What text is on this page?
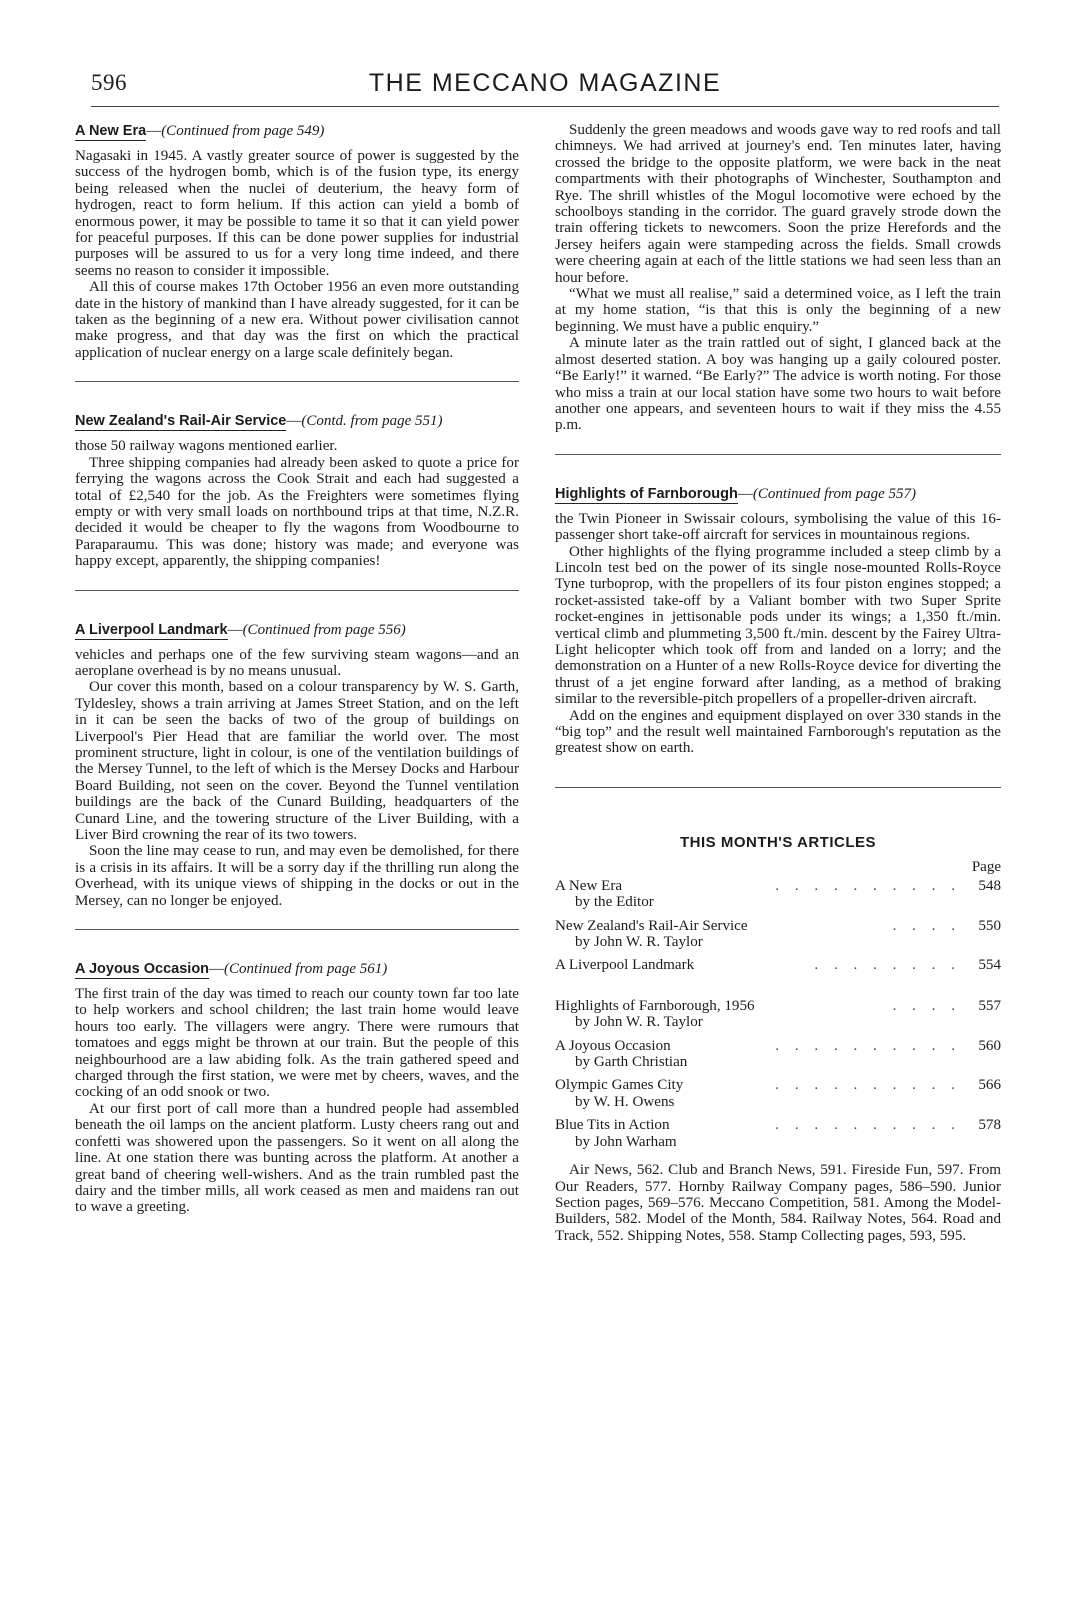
596	THE MECCANO MAGAZINE
A New Era—(Continued from page 549)

Nagasaki in 1945. A vastly greater source of power is suggested by the success of the hydrogen bomb, which is of the fusion type, its energy being released when the nuclei of deuterium, the heavy form of hydrogen, react to form helium. If this action can yield a bomb of enormous power, it may be possible to tame it so that it can yield power for peaceful purposes. If this can be done power supplies for industrial purposes will be assured to us for a very long time indeed, and there seems no reason to consider it impossible.

All this of course makes 17th October 1956 an even more outstanding date in the history of mankind than I have already suggested, for it can be taken as the beginning of a new era. Without power civilisation cannot make progress, and that day was the first on which the practical application of nuclear energy on a large scale definitely began.

New Zealand's Rail-Air Service—(Contd. from page 551)

those 50 railway wagons mentioned earlier.

Three shipping companies had already been asked to quote a price for ferrying the wagons across the Cook Strait and each had suggested a total of £2,540 for the job. As the Freighters were sometimes flying empty or with very small loads on northbound trips at that time, N.Z.R. decided it would be cheaper to fly the wagons from Woodbourne to Paraparaumu. This was done; history was made; and everyone was happy except, apparently, the shipping companies!

A Liverpool Landmark—(Continued from page 556)

vehicles and perhaps one of the few surviving steam wagons—and an aeroplane overhead is by no means unusual.

Our cover this month, based on a colour transparency by W. S. Garth, Tyldesley, shows a train arriving at James Street Station, and on the left in it can be seen the backs of two of the group of buildings on Liverpool's Pier Head that are familiar the world over. The most prominent structure, light in colour, is one of the ventilation buildings of the Mersey Tunnel, to the left of which is the Mersey Docks and Harbour Board Building, not seen on the cover. Beyond the Tunnel ventilation buildings are the back of the Cunard Building, headquarters of the Cunard Line, and the towering structure of the Liver Building, with a Liver Bird crowning the rear of its two towers.

Soon the line may cease to run, and may even be demolished, for there is a crisis in its affairs. It will be a sorry day if the thrilling run along the Overhead, with its unique views of shipping in the docks or out in the Mersey, can no longer be enjoyed.

A Joyous Occasion—(Continued from page 561)

The first train of the day was timed to reach our county town far too late to help workers and school children; the last train home would leave hours too early. The villagers were angry. There were rumours that tomatoes and eggs might be thrown at our train. But the people of this neighbourhood are a law abiding folk. As the train gathered speed and charged through the first station, we were met by cheers, waves, and the cocking of an odd snook or two.

At our first port of call more than a hundred people had assembled beneath the oil lamps on the ancient platform. Lusty cheers rang out and confetti was showered upon the passengers. So it went on all along the line. At one station there was bunting across the platform. At another a great band of cheering well-wishers. And as the train rumbled past the dairy and the timber mills, all work ceased as men and maidens ran out to wave a greeting.

Suddenly the green meadows and woods gave way to red roofs and tall chimneys. We had arrived at journey's end. Ten minutes later, having crossed the bridge to the opposite platform, we were back in the neat compartments with their photographs of Winchester, Southampton and Rye. The shrill whistles of the Mogul locomotive were echoed by the schoolboys standing in the corridor. The guard gravely strode down the train offering tickets to newcomers. Soon the prize Herefords and the Jersey heifers again were stampeding across the fields. Small crowds were cheering again at each of the little stations we had seen less than an hour before.

“What we must all realise,” said a determined voice, as I left the train at my home station, “is that this is only the beginning of a new beginning. We must have a public enquiry.”

A minute later as the train rattled out of sight, I glanced back at the almost deserted station. A boy was hanging up a gaily coloured poster. “Be Early!” it warned. “Be Early?” The advice is worth noting. For those who miss a train at our local station have some two hours to wait before another one appears, and seventeen hours to wait if they miss the 4.55 p.m.

Highlights of Farnborough—(Continued from page 557)

the Twin Pioneer in Swissair colours, symbolising the value of this 16-passenger short take-off aircraft for services in mountainous regions.

Other highlights of the flying programme included a steep climb by a Lincoln test bed on the power of its single nose-mounted Rolls-Royce Tyne turboprop, with the propellers of its four piston engines stopped; a rocket-assisted take-off by a Valiant bomber with two Super Sprite rocket-engines in jettisonable pods under its wings; a 1,350 ft./min. vertical climb and plummeting 3,500 ft./min. descent by the Fairey Ultra-Light helicopter which took off from and landed on a lorry; and the demonstration on a Hunter of a new Rolls-Royce device for diverting the thrust of a jet engine forward after landing, as a method of braking similar to the reversible-pitch propellers of a propeller-driven aircraft.

Add on the engines and equipment displayed on over 330 stands in the “big top” and the result well maintained Farnborough's reputation as the greatest show on earth.

THIS MONTH'S ARTICLES
Page
A New Era	. . . . . . . . . . 548
by the Editor
New Zealand's Rail-Air Service	. . . . 550
by John W. R. Taylor
A Liverpool Landmark	. . . . . . . . 554
Highlights of Farnborough, 1956	. . . . 557
by John W. R. Taylor
A Joyous Occasion	. . . . . . . . . . 560
by Garth Christian
Olympic Games City	. . . . . . . . . . 566
by W. H. Owens
Blue Tits in Action	. . . . . . . . . . 578
by John Warham

Air News, 562. Club and Branch News, 591. Fireside Fun, 597. From Our Readers, 577. Hornby Railway Company pages, 586–590. Junior Section pages, 569–576. Meccano Competition, 581. Among the Model-Builders, 582. Model of the Month, 584. Railway Notes, 564. Road and Track, 552. Shipping Notes, 558. Stamp Collecting pages, 593, 595.
